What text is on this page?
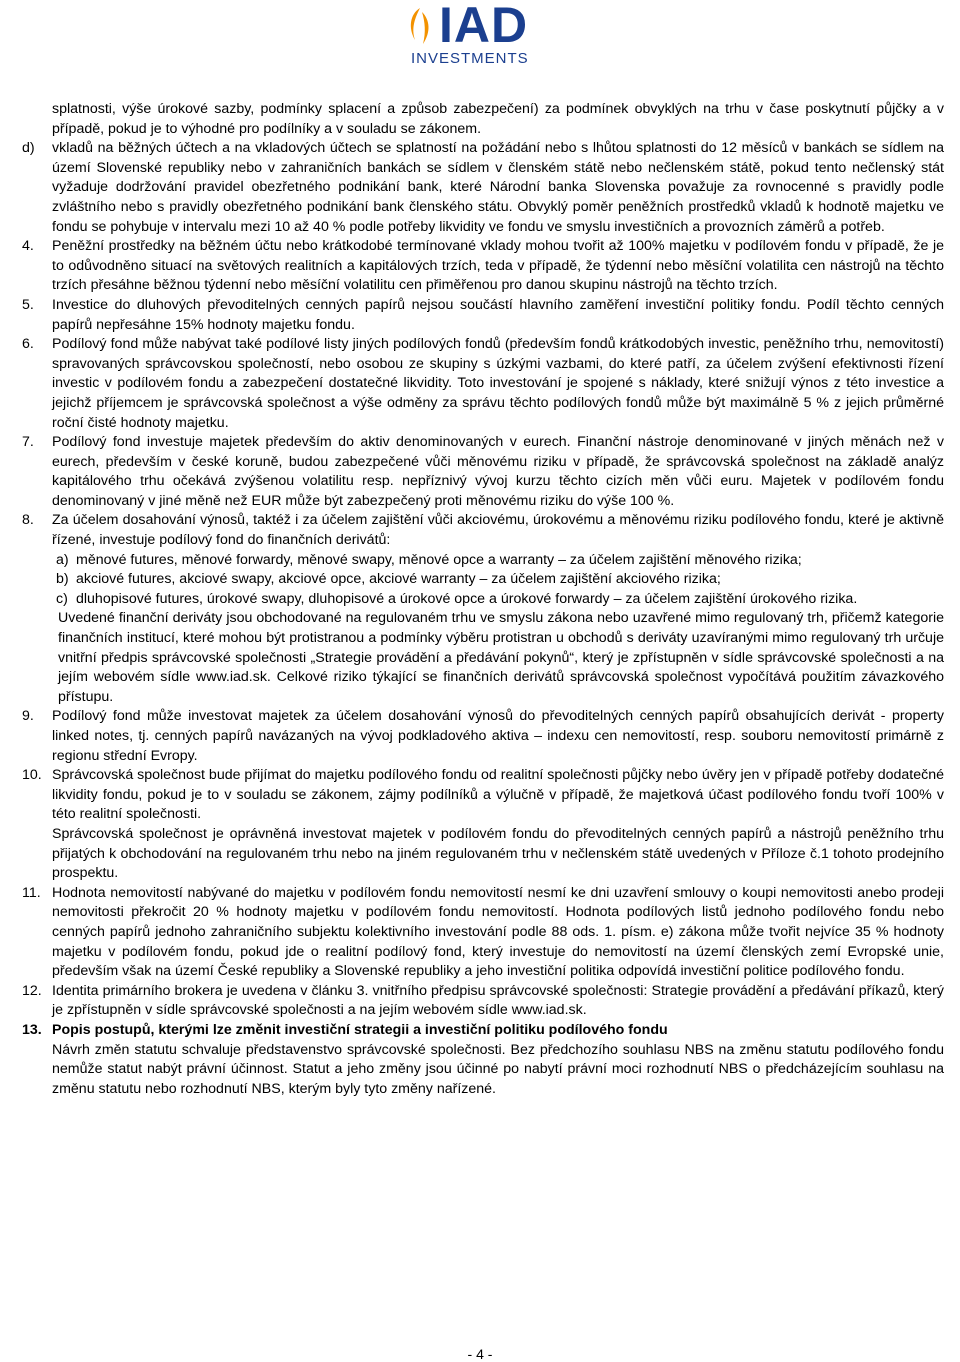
IAD
INVESTMENTS

splatnosti, výše úrokové sazby, podmínky splacení a způsob zabezpečení) za podmínek obvyklých na trhu v čase poskytnutí půjčky a v případě, pokud je to výhodné pro podílníky a v souladu se zákonem.

d) vkladů na běžných účtech a na vkladových účtech se splatností na požádání nebo s lhůtou splatnosti do 12 měsíců v bankách se sídlem na území Slovenské republiky nebo v zahraničních bankách se sídlem v členském státě nebo nečlenském státě, pokud tento nečlenský stát vyžaduje dodržování pravidel obezřetného podnikání bank, které Národní banka Slovenska považuje za rovnocenné s pravidly podle zvláštního nebo s pravidly obezřetného podnikání bank členského státu. Obvyklý poměr peněžních prostředků vkladů k hodnotě majetku ve fondu se pohybuje v intervalu mezi 10 až 40 % podle potřeby likvidity ve fondu ve smyslu investičních a provozních záměrů a potřeb.

4. Peněžní prostředky na běžném účtu nebo krátkodobé termínované vklady mohou tvořit až 100% majetku v podílovém fondu v případě, že je to odůvodněno situací na světových realitních a kapitálových trzích, teda v případě, že týdenní nebo měsíční volatilita cen nástrojů na těchto trzích přesáhne běžnou týdenní nebo měsíční volatilitu cen přiměřenou pro danou skupinu nástrojů na těchto trzích.

5. Investice do dluhových převoditelných cenných papírů nejsou součástí hlavního zaměření investiční politiky fondu. Podíl těchto cenných papírů nepřesáhne 15% hodnoty majetku fondu.

6. Podílový fond může nabývat také podílové listy jiných podílových fondů (především fondů krátkodobých investic, peněžního trhu, nemovitostí) spravovaných správcovskou společností, nebo osobou ze skupiny s úzkými vazbami, do které patří, za účelem zvýšení efektivnosti řízení investic v podílovém fondu a zabezpečení dostatečné likvidity. Toto investování je spojené s náklady, které snižují výnos z této investice a jejichž příjemcem je správcovská společnost a výše odměny za správu těchto podílových fondů může být maximálně 5 % z jejich průměrné roční čisté hodnoty majetku.

7. Podílový fond investuje majetek především do aktiv denominovaných v eurech. Finanční nástroje denominované v jiných měnách než v eurech, především v české koruně, budou zabezpečené vůči měnovému riziku v případě, že správcovská společnost na základě analýz kapitálového trhu očekává zvýšenou volatilitu resp. nepříznivý vývoj kurzu těchto cizích měn vůči euru. Majetek v podílovém fondu denominovaný v jiné měně než EUR může být zabezpečený proti měnovému riziku do výše 100 %.

8. Za účelem dosahování výnosů, taktéž i za účelem zajištění vůči akciovému, úrokovému a měnovému riziku podílového fondu, které je aktivně řízené, investuje podílový fond do finančních derivátů:

a) měnové futures, měnové forwardy, měnové swapy, měnové opce a warranty – za účelem zajištění měnového rizika;

b) akciové futures, akciové swapy, akciové opce, akciové warranty – za účelem zajištění akciového rizika;

c) dluhopisové futures, úrokové swapy, dluhopisové a úrokové opce a úrokové forwardy – za účelem zajištění úrokového rizika.

Uvedené finanční deriváty jsou obchodované na regulovaném trhu ve smyslu zákona nebo uzavřené mimo regulovaný trh, přičemž kategorie finančních institucí, které mohou být protistranou a podmínky výběru protistran u obchodů s deriváty uzavíranými mimo regulovaný trh určuje vnitřní předpis správcovské společnosti „Strategie provádění a předávání pokynů“, který je zpřístupněn v sídle správcovské společnosti a na jejím webovém sídle www.iad.sk. Celkové riziko týkající se finančních derivátů správcovská společnost vypočítává použitím závazkového přístupu.

9. Podílový fond může investovat majetek za účelem dosahování výnosů do převoditelných cenných papírů obsahujících derivát - property linked notes, tj. cenných papírů navázaných na vývoj podkladového aktiva – indexu cen nemovitostí, resp. souboru nemovitostí primárně z regionu střední Evropy.

10. Správcovská společnost bude přijímat do majetku podílového fondu od realitní společnosti půjčky nebo úvěry jen v případě potřeby dodatečné likvidity fondu, pokud je to v souladu se zákonem, zájmy podílníků a výlučně v případě, že majetková účast podílového fondu tvoří 100% v této realitní společnosti.

Správcovská společnost je oprávněná investovat majetek v podílovém fondu do převoditelných cenných papírů a nástrojů peněžního trhu přijatých k obchodování na regulovaném trhu nebo na jiném regulovaném trhu v nečlenském státě uvedených v Příloze č.1 tohoto prodejního prospektu.

11. Hodnota nemovitostí nabývané do majetku v podílovém fondu nemovitostí nesmí ke dni uzavření smlouvy o koupi nemovitosti anebo prodeji nemovitosti překročit 20 % hodnoty majetku v podílovém fondu nemovitostí. Hodnota podílových listů jednoho podílového fondu nebo cenných papírů jednoho zahraničního subjektu kolektivního investování podle 88 ods. 1. písm. e) zákona může tvořit nejvíce 35 % hodnoty majetku v podílovém fondu, pokud jde o realitní podílový fond, který investuje do nemovitostí na území členských zemí Evropské unie, především však na území České republiky a Slovenské republiky a jeho investiční politika odpovídá investiční politice podílového fondu.

12. Identita primárního brokera je uvedena v článku 3. vnitřního předpisu správcovské společnosti: Strategie provádění a předávání příkazů, který je zpřístupněn v sídle správcovské společnosti a na jejím webovém sídle www.iad.sk.

13. Popis postupů, kterými lze změnit investiční strategii a investiční politiku podílového fondu

Návrh změn statutu schvaluje představenstvo správcovské společnosti. Bez předchozího souhlasu NBS na změnu statutu podílového fondu nemůže statut nabýt právní účinnost. Statut a jeho změny jsou účinné po nabytí právní moci rozhodnutí NBS o předcházejícím souhlasu na změnu statutu nebo rozhodnutí NBS, kterým byly tyto změny nařízené.

- 4 -
